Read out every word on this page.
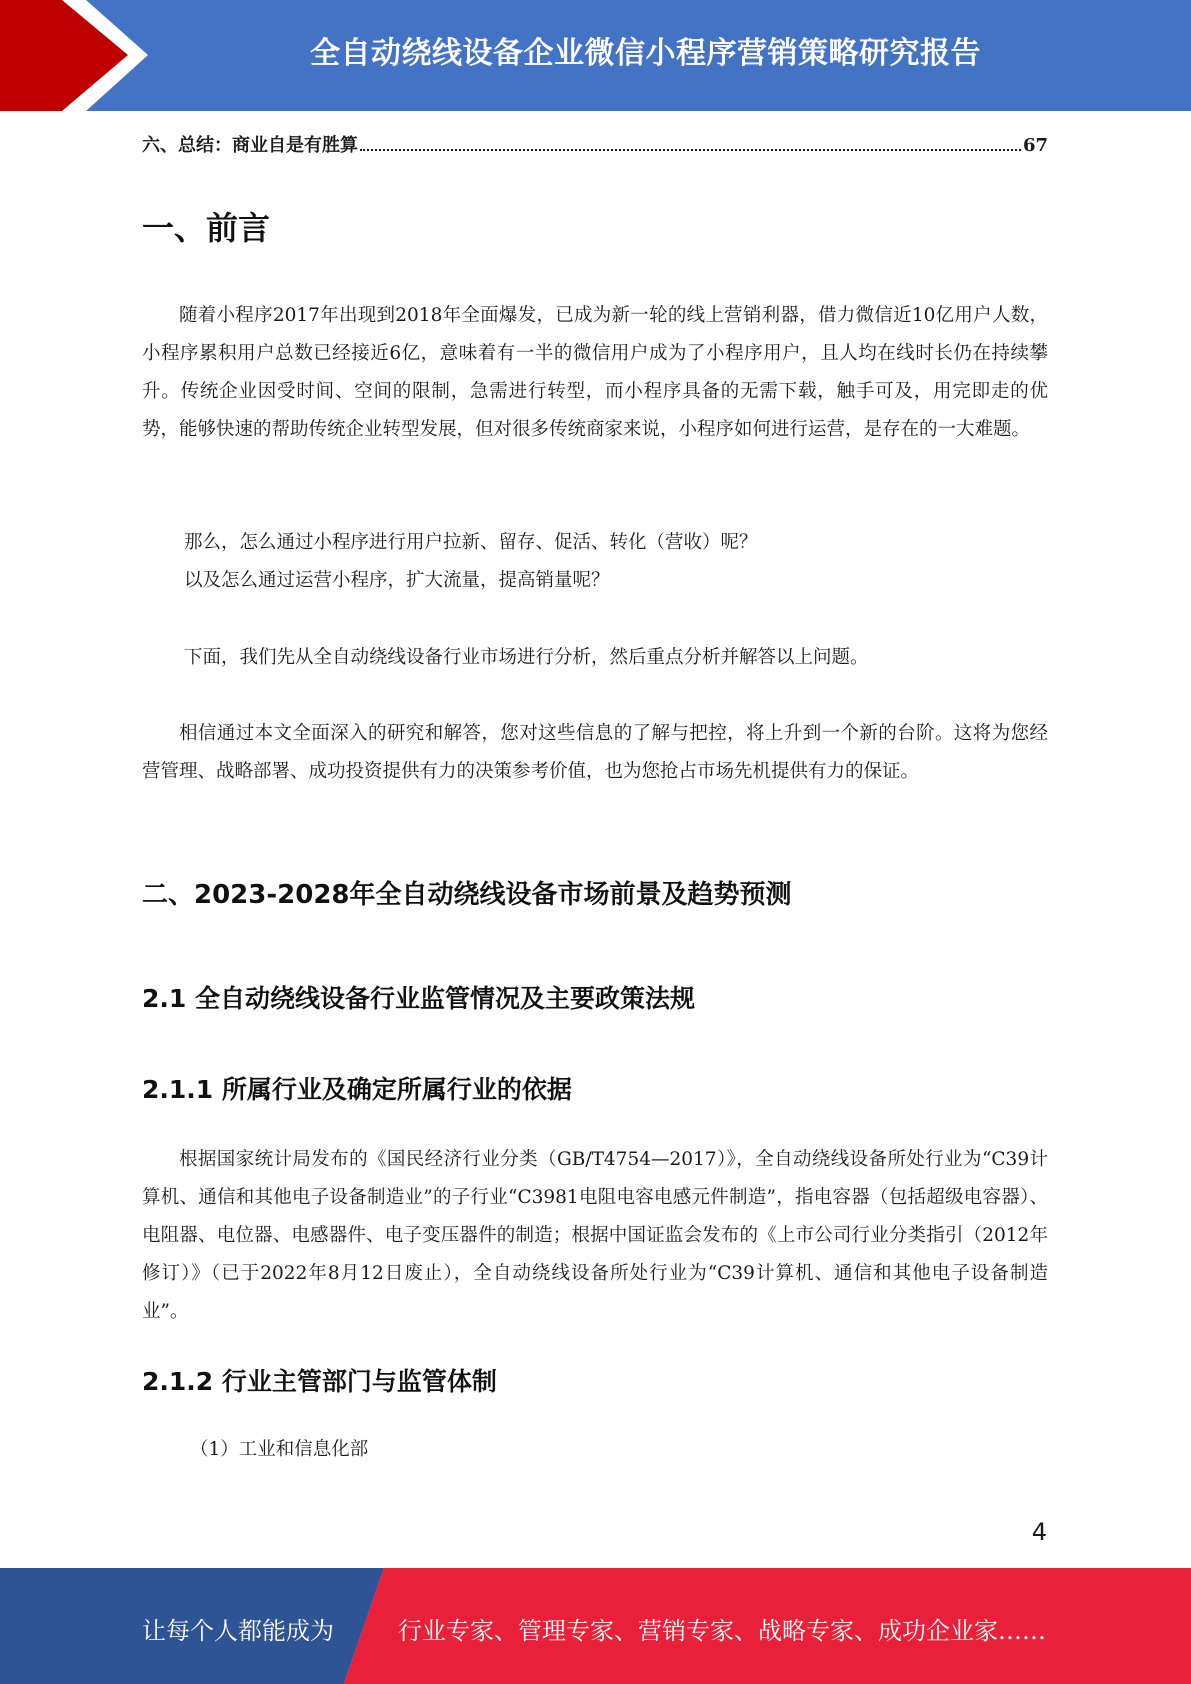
全自动绕线设备企业微信小程序营销策略研究报告
六、总结：商业自是有胜算	67
一、前言

随着小程序2017年出现到2018年全面爆发，已成为新一轮的线上营销利器，借力微信近10亿用户人数，小程序累积用户总数已经接近6亿，意味着有一半的微信用户成为了小程序用户，且人均在线时长仍在持续攀升。传统企业因受时间、空间的限制，急需进行转型，而小程序具备的无需下载，触手可及，用完即走的优势，能够快速的帮助传统企业转型发展，但对很多传统商家来说，小程序如何进行运营，是存在的一大难题。

那么，怎么通过小程序进行用户拉新、留存、促活、转化（营收）呢？

以及怎么通过运营小程序，扩大流量，提高销量呢？

下面，我们先从全自动绕线设备行业市场进行分析，然后重点分析并解答以上问题。

相信通过本文全面深入的研究和解答，您对这些信息的了解与把控，将上升到一个新的台阶。这将为您经营管理、战略部署、成功投资提供有力的决策参考价值，也为您抢占市场先机提供有力的保证。

二、2023-2028年全自动绕线设备市场前景及趋势预测
2.1 全自动绕线设备行业监管情况及主要政策法规
2.1.1 所属行业及确定所属行业的依据

根据国家统计局发布的《国民经济行业分类（GB/T4754—2017）》，全自动绕线设备所处行业为“C39计算机、通信和其他电子设备制造业”的子行业“C3981电阻电容电感元件制造”，指电容器（包括超级电容器）、电阻器、电位器、电感器件、电子变压器件的制造；根据中国证监会发布的《上市公司行业分类指引（2012年修订）》（已于2022年8月12日废止），全自动绕线设备所处行业为“C39计算机、通信和其他电子设备制造业”。

2.1.2 行业主管部门与监管体制

（1）工业和信息化部

4
让每个人都能成为	行业专家、管理专家、营销专家、战略专家、成功企业家……
